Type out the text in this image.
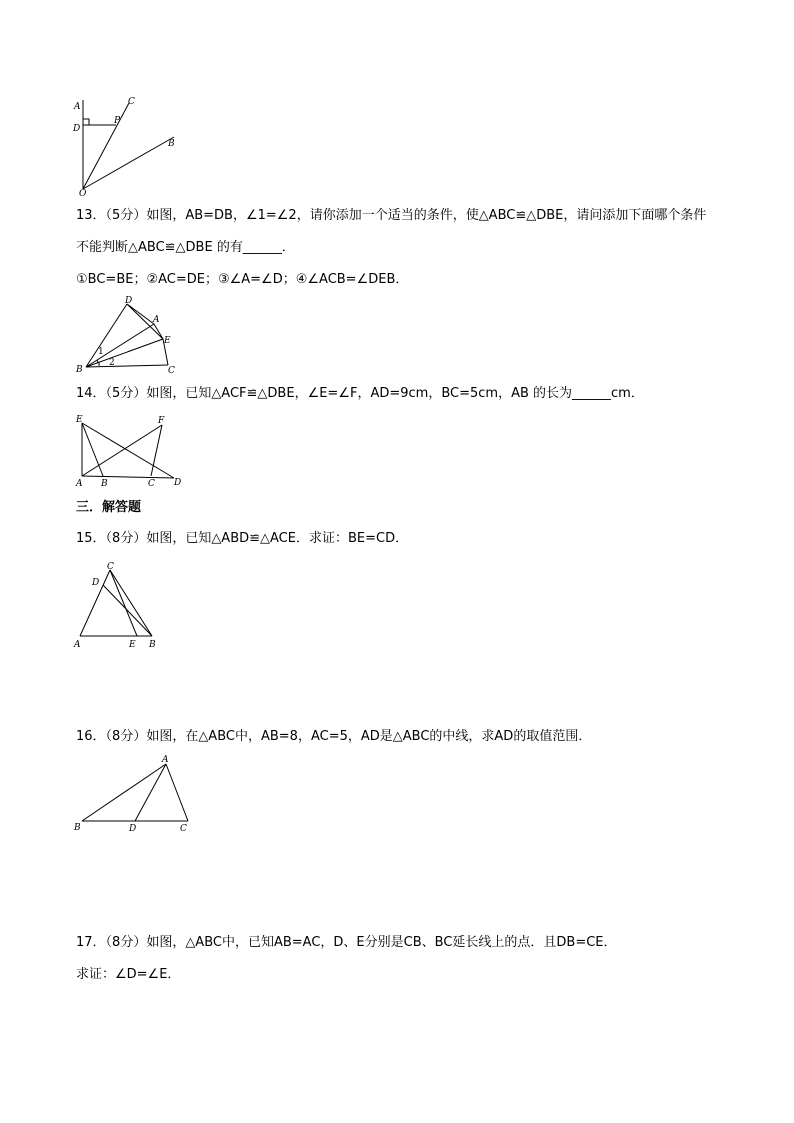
A	C
D
P
B
O
13．（5分）如图，AB=DB，∠1=∠2，请你添加一个适当的条件，使△ABC≌△DBE，请问添加下面哪个条件
不能判断△ABC≌△DBE 的有______．
①BC=BE；②AC=DE；③∠A=∠D；④∠ACB=∠DEB．
D
A
E
B	C
1
2
14．（5分）如图，已知△ACF≌△DBE，∠E=∠F，AD=9cm，BC=5cm，AB 的长为______cm．
E	F
A B	C D
三．解答题
15．（8分）如图，已知△ABD≌△ACE．求证：BE=CD．
C
D
A	E B
16．（8分）如图，在△ABC中，AB=8，AC=5，AD是△ABC的中线，求AD的取值范围．
A
B	D	C
17．（8分）如图，△ABC中，已知AB=AC，D、E分别是CB、BC延长线上的点．且DB=CE．
求证：∠D=∠E．
